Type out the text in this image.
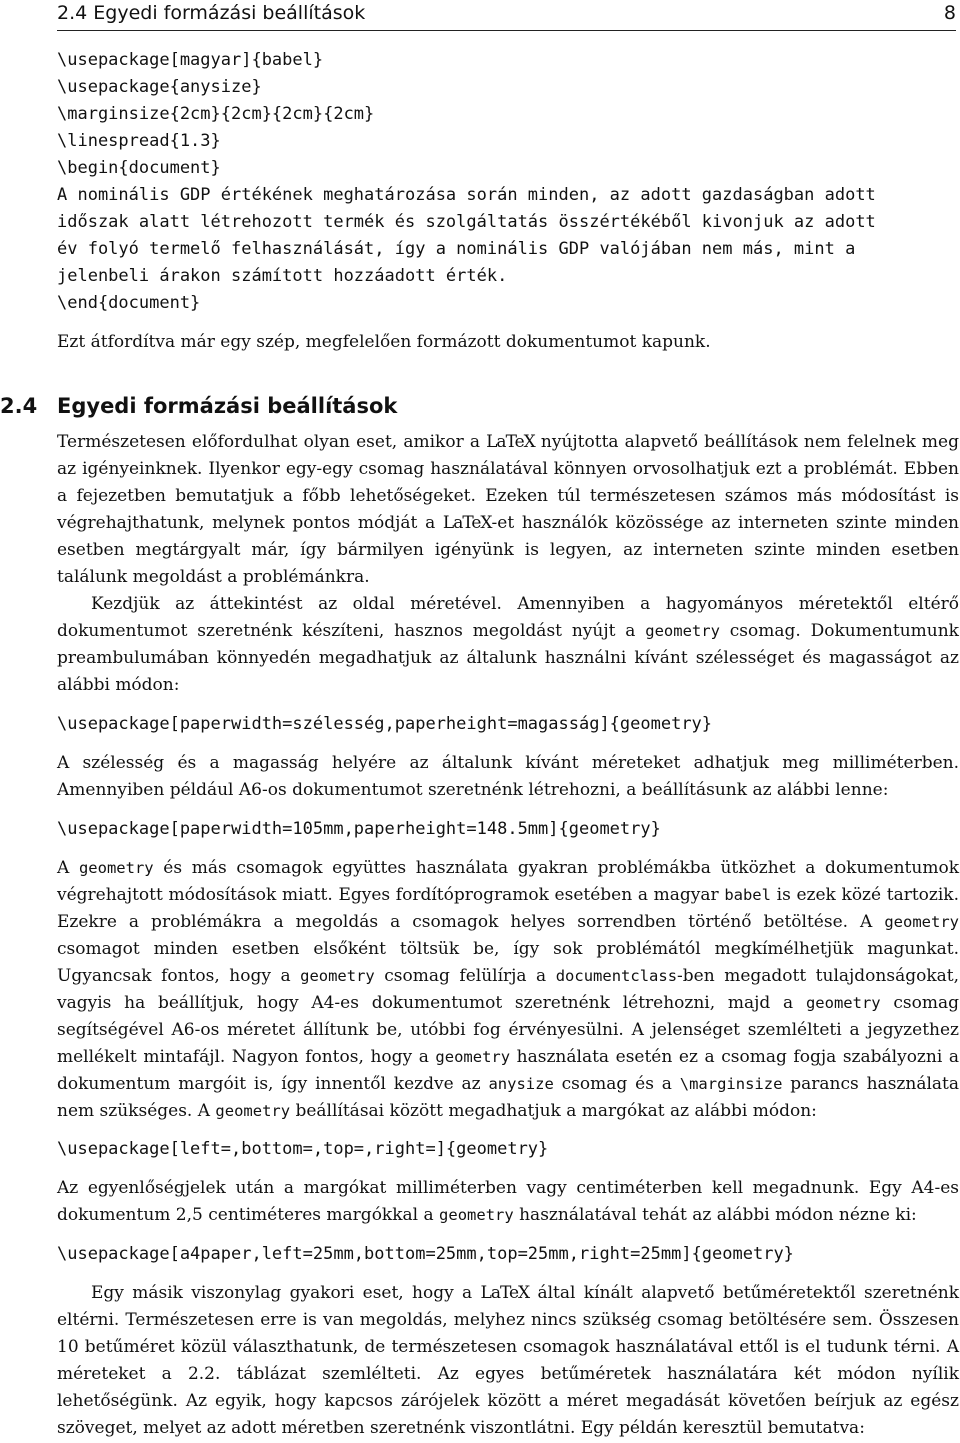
2.4 Egyedi formázási beállítások	8
\usepackage[magyar]{babel}
\usepackage{anysize}
\marginsize{2cm}{2cm}{2cm}{2cm}
\linespread{1.3}
\begin{document}
A nominális GDP értékének meghatározása során minden, az adott gazdaságban adott
időszak alatt létrehozott termék és szolgáltatás összértékéből kivonjuk az adott
év folyó termelő felhasználását, így a nominális GDP valójában nem más, mint a
jelenbeli árakon számított hozzáadott érték.
\end{document}

Ezt átfordítva már egy szép, megfelelően formázott dokumentumot kapunk.

2.4 Egyedi formázási beállítások

Természetesen előfordulhat olyan eset, amikor a LaTeX nyújtotta alapvető beállítások nem felelnek meg az igényeinknek. Ilyenkor egy-egy csomag használatával könnyen orvosolhatjuk ezt a problémát. Ebben a fejezetben bemutatjuk a főbb lehetőségeket. Ezeken túl természetesen számos más módosítást is végrehajthatunk, melynek pontos módját a LaTeX-et használók közössége az interneten szinte minden esetben megtárgyalt már, így bármilyen igényünk is legyen, az interneten szinte minden esetben találunk megoldást a problémánkra.

Kezdjük az áttekintést az oldal méretével. Amennyiben a hagyományos méretektől eltérő dokumentumot szeretnénk készíteni, hasznos megoldást nyújt a geometry csomag. Dokumentumunk preambulumában könnyedén megadhatjuk az általunk használni kívánt szélességet és magasságot az alábbi módon:

\usepackage[paperwidth=szélesség,paperheight=magasság]{geometry}

A szélesség és a magasság helyére az általunk kívánt méreteket adhatjuk meg milliméterben. Amennyiben például A6-os dokumentumot szeretnénk létrehozni, a beállításunk az alábbi lenne:

\usepackage[paperwidth=105mm,paperheight=148.5mm]{geometry}

A geometry és más csomagok együttes használata gyakran problémákba ütközhet a dokumentumok végrehajtott módosítások miatt. Egyes fordítóprogramok esetében a magyar babel is ezek közé tartozik. Ezekre a problémákra a megoldás a csomagok helyes sorrendben történő betöltése. A geometry csomagot minden esetben elsőként töltsük be, így sok problémától megkímélhetjük magunkat. Ugyancsak fontos, hogy a geometry csomag felülírja a documentclass-ben megadott tulajdonságokat, vagyis ha beállítjuk, hogy A4-es dokumentumot szeretnénk létrehozni, majd a geometry csomag segítségével A6-os méretet állítunk be, utóbbi fog érvényesülni. A jelenséget szemlélteti a jegyzethez mellékelt mintafájl. Nagyon fontos, hogy a geometry használata esetén ez a csomag fogja szabályozni a dokumentum margóit is, így innentől kezdve az anysize csomag és a \marginsize parancs használata nem szükséges. A geometry beállításai között megadhatjuk a margókat az alábbi módon:

\usepackage[left=,bottom=,top=,right=]{geometry}

Az egyenlőségjelek után a margókat milliméterben vagy centiméterben kell megadnunk. Egy A4-es dokumentum 2,5 centiméteres margókkal a geometry használatával tehát az alábbi módon nézne ki:

\usepackage[a4paper,left=25mm,bottom=25mm,top=25mm,right=25mm]{geometry}

Egy másik viszonylag gyakori eset, hogy a LaTeX által kínált alapvető betűméretektől szeretnénk eltérni. Természetesen erre is van megoldás, melyhez nincs szükség csomag betöltésére sem. Összesen 10 betűméret közül választhatunk, de természetesen csomagok használatával ettől is el tudunk térni. A méreteket a 2.2. táblázat szemlélteti. Az egyes betűméretek használatára két módon nyílik lehetőségünk. Az egyik, hogy kapcsos zárójelek között a méret megadását követően beírjuk az egész szöveget, melyet az adott méretben szeretnénk viszontlátni. Egy példán keresztül bemutatva:
